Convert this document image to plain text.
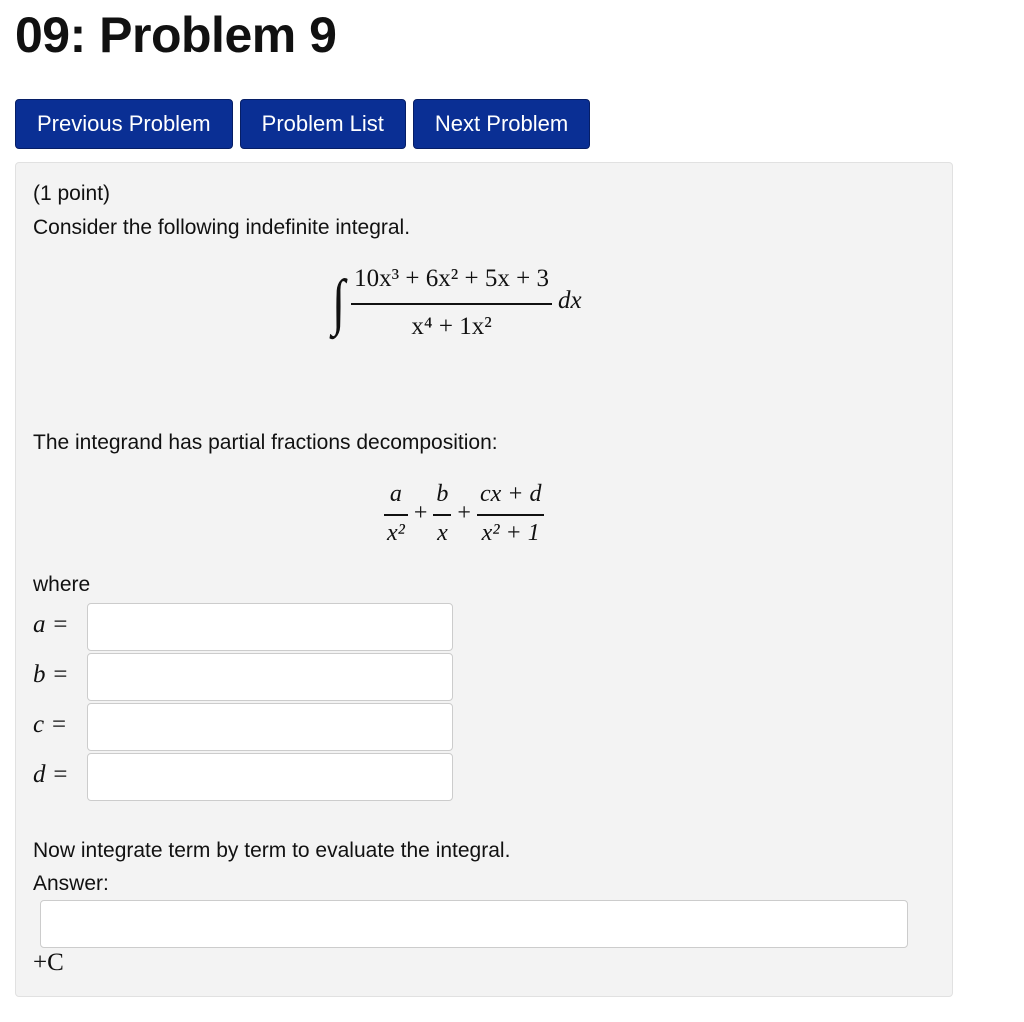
09: Problem 9
Previous Problem	Problem List	Next Problem
(1 point)
Consider the following indefinite integral.
∫ $\frac{\text{10x³ + 6x² + 5x + 3}}{\text{x⁴ + 1x²}}$ dx
The integrand has partial fractions decomposition:
$\frac{a}{\text{x²}} + \frac{b}{x} + \frac{cx + d}{\text{x² + 1}}$
where
a =
b =
c =
d =
Now integrate term by term to evaluate the integral.
Answer:
+C
